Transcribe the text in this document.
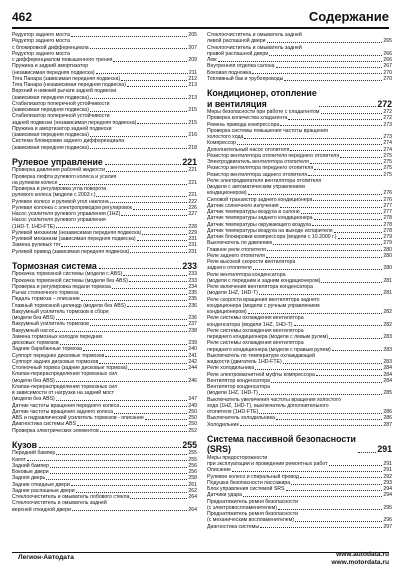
462	Содержание
Редуктор заднего моста	205
Редуктор заднего моста
с блокировкой дифференциала	207
Редуктор заднего моста
с дифференциалом повышенного трения	209
Пружина и задний амортизатор
(независимая передняя подвеска)	211
Тяга Панара (зависимая передняя подвеска)	212
Тяга Панара (независимая передняя подвеска)	213
Верхний и нижний рычаги задней подвески
(зависимая передняя подвеска)	213
Стабилизатор поперечной устойчивости
(зависимая передняя подвеска)	215
Стабилизатор поперечной устойчивости
задней подвески (независимая передняя подвеска)	215
Пружина и амортизатор задней подвески
(зависимая передняя подвеска)	216
Система блокировки заднего дифференциала
(зависимая передняя подвеска)	218
Рулевое управление	221
Проверка давления рабочей жидкости	221
Проверка люфта рулевого колеса и усилия
на рулевом колесе	221
Проверка и регулировка угла поворота
рулевого колеса (модели с 2003 г.)	221
Рулевое колесо и рулевой угол наклона	222
Рулевая колонка с электроприводом регулировок	226
Насос усилителя рулевого управления (1HZ)	227
Насос усилителя рулевого управления
(1HD-T, 1HD-FTE)	228
Рулевой механизм (независимая передняя подвеска)	229
Рулевой механизм (зависимая передняя подвеска)	231
Замена рулевых тяг	231
Рулевой привод (зависимая передняя подвеска)	231
Тормозная система	233
Прокачка тормозной системы (модели с ABS)	233
Прокачка тормозной системы (модели без ABS)	233
Проверка и регулировка педали тормоза	234
Рычаг стояночного тормоза	235
Педаль тормоза – описание	235
Главный тормозной цилиндр (модели без ABS)	236
Вакуумный усилитель тормозов в сборе
(модели без ABS)	236
Вакуумный усилитель тормозов	237
Вакуумный насос	238
Замена тормозных колодок передних
дисковых тормозов	239
Задние барабанные тормоза	240
Суппорт передних дисковых тормозов	241
Суппорт задних дисковых тормозов	242
Стояночный тормоз (задние дисковые тормоза)	244
Клапан-перераспределения тормозных сил
(модели без ABS)	246
Клапан-перераспределения тормозных сил
в зависимости от нагрузки на задний мост
(модели без ABS)	247
Датчик частоты вращения переднего колеса	249
Датчик частоты вращения заднего колеса	250
ABS и гидравлический усилитель тормозов - описание	250
Диагностика системы ABS	250
Проверка электрических элементов	252
Кузов	255
Передний бампер	255
Капот	255
Задний бампер	256
Боковые двери	256
Задняя дверь	258
Задние откидные двери	261
Задние распашные двери	262
Стеклоочиститель и омыватель лобового стекла	264
Стеклоочиститель и омыватель задней
верхней откидной двери	264
Стеклоочиститель и омыватель задней
левой распашной двери	265
Стеклоочиститель и омыватель задней
правой распашной двери	266
Люк	266
Внутренняя отделка салона	267
Боковая подножка	270
Топливный бак и трубопроводы	270
Кондиционер, отопление
и вентиляция	272
Меры безопасности при работе с хладагентом	272
Проверка количества хладагента	272
Ремень привода компрессора	273
Проверка системы повышения частоты вращения
холостого хода	273
Компрессор	274
Дополнительный насос отопителя	274
Резистор вентилятора отопителя переднего отопителя	275
Электродвигатель вентилятора отопителя	275
Резистор вентилятора переднего отопителя	275
Резистор вентилятора заднего отопителя	275
Реле электродвигателя вентилятора отопителя
(модели с автоматическим управлением
кондиционером)	276
Силовой транзистор заднего кондиционера	276
Датчик солнечного излучения	277
Датчик температуры воздуха в салоне	277
Датчик температуры заднего кондиционера	278
Датчик температуры окружающего воздуха	278
Датчик температуры воздуха на выходе испарителя	278
Датчик блокировки компрессора (модели с 10.2000 г.)	279
Выключатель по давлению	279
Главное реле отопителя	280
Реле заднего отопителя	280
Реле высокой скорости вентилятора
заднего отопителя	280
Реле вентилятора конденсатора
(модели с передним и задним кондиционером)	281
Реле включения вентилятора конденсатора
(модели 1HZ, 1HD-T)	281
Реле скорости вращения вентилятора заднего
кондиционера (модели с ручным управлением
кондиционером)	282
Реле системы охлаждения вентилятора
конденсатора (модели 1HZ, 1HD-T)	282
Реле системы охлаждения вентилятора
переднего кондиционера (модели с левым рулем)	283
Реле системы охлаждения вентилятора
переднего кондиционера (модели с правым рулем)	283
Выключатель по температуре охлаждающей
жидкости (двигатель 1HD-FTE)	283
Реле холодильника	284
Реле электромагнитной муфты компрессора	284
Вентилятор конденсатора	284
Вентилятор конденсатора
(модели 1HZ, 1HD-T)	285
Выключатель увеличения частоты вращения холостого
хода (1HZ, 1HD-T), выключатель дополнительного
отопителя (1HD-FTE)	286
Выключатель холодильника	286
Холодильник	287
Система пассивной безопасности
(SRS)	291
Меры предосторожности
при эксплуатации и проведении ремонтных работ	291
Описание	291
Рулевое колесо и спиральный провод	292
Подушка безопасности пассажира	293
Блок управления системой SRS	294
Датчики удара	294
Преднатяжитель ремня безопасности
(с электровоспламенителем)	295
Преднатяжитель ремня безопасности
(с механическим воспламенителем)	296
Диагностика системы	297
Легион-Автодата	www.autodata.ru
www.motordata.ru
